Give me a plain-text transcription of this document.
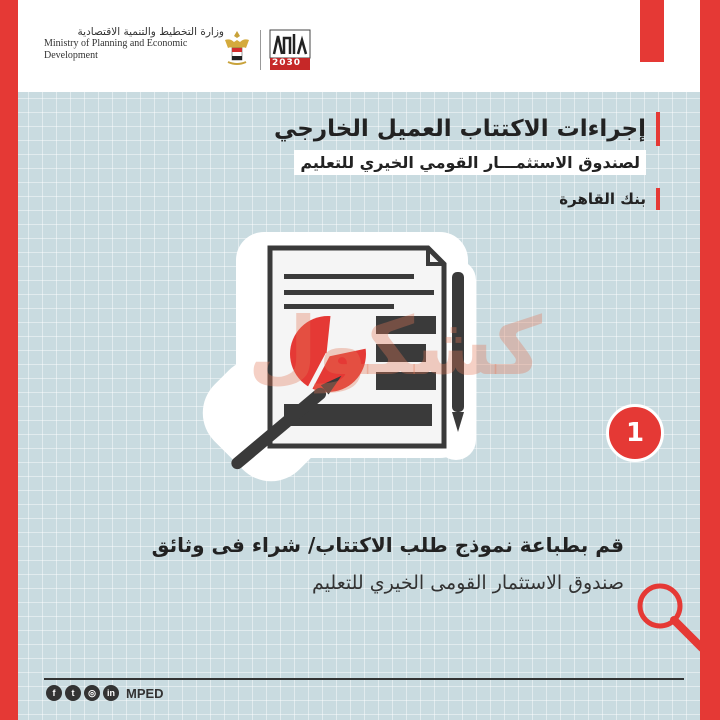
وزارة التخطيط والتنمية الاقتصادية
Ministry of Planning and Economic
Development
2030
إجراءات الاكتتاب العميل الخارجي
لصندوق الاستثمـــار القومي الخيري للتعليم
بنك القاهرة
كشكول
1
قم بطباعة نموذج طلب الاكتتاب/ شراء فى وثائق
صندوق الاستثمار القومى الخيري للتعليم
f	t	◎	in MPED
